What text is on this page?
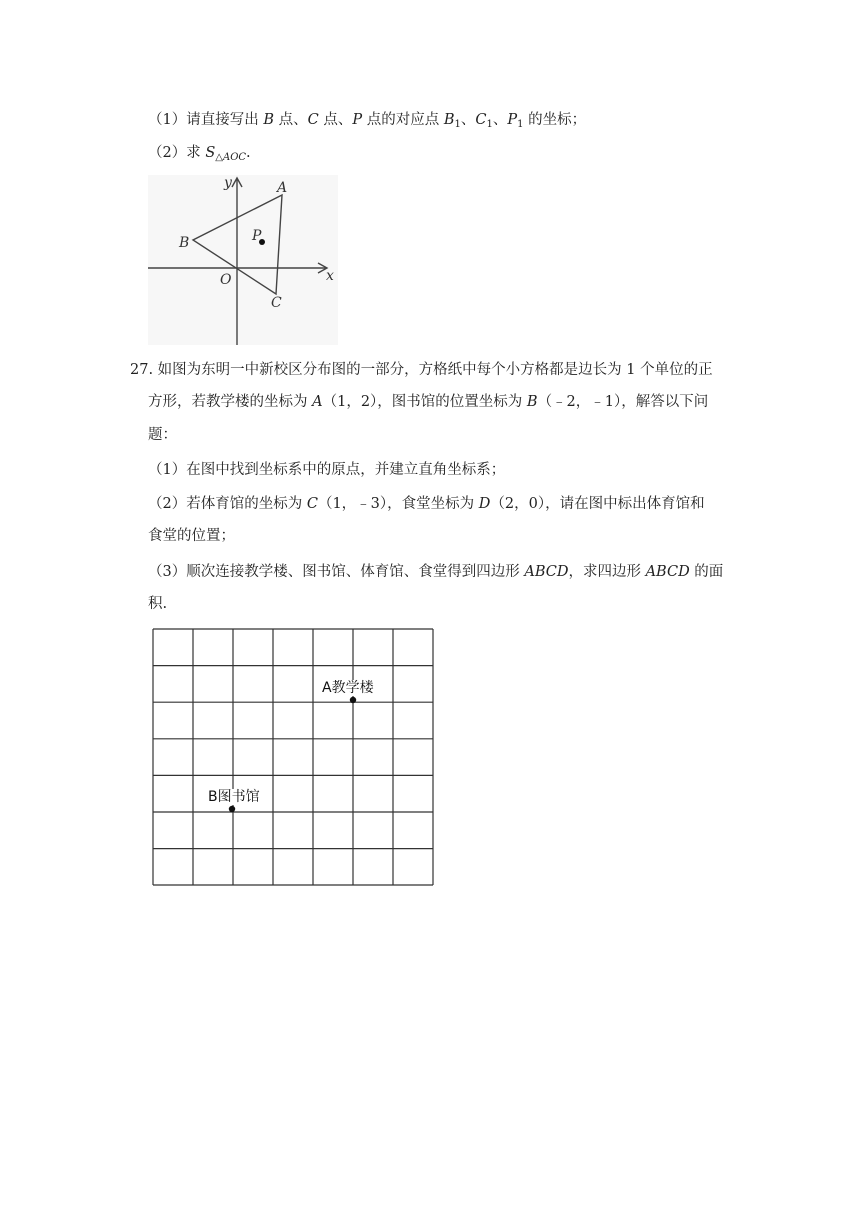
（1）请直接写出 B 点、C 点、P 点的对应点 $B_1$、$C_1$、$P_1$ 的坐标；
（2）求 $S_{\triangle AOC}$.
y
x
A
B	P
O
C
27. 如图为东明一中新校区分布图的一部分，方格纸中每个小方格都是边长为 1 个单位的正
方形，若教学楼的坐标为 A（1，2），图书馆的位置坐标为 B（﹣2，﹣1），解答以下问
题：
（1）在图中找到坐标系中的原点，并建立直角坐标系；
（2）若体育馆的坐标为 C（1，﹣3），食堂坐标为 D（2，0），请在图中标出体育馆和
食堂的位置；
（3）顺次连接教学楼、图书馆、体育馆、食堂得到四边形 ABCD，求四边形 ABCD 的面
积.
A教学楼
B图书馆
